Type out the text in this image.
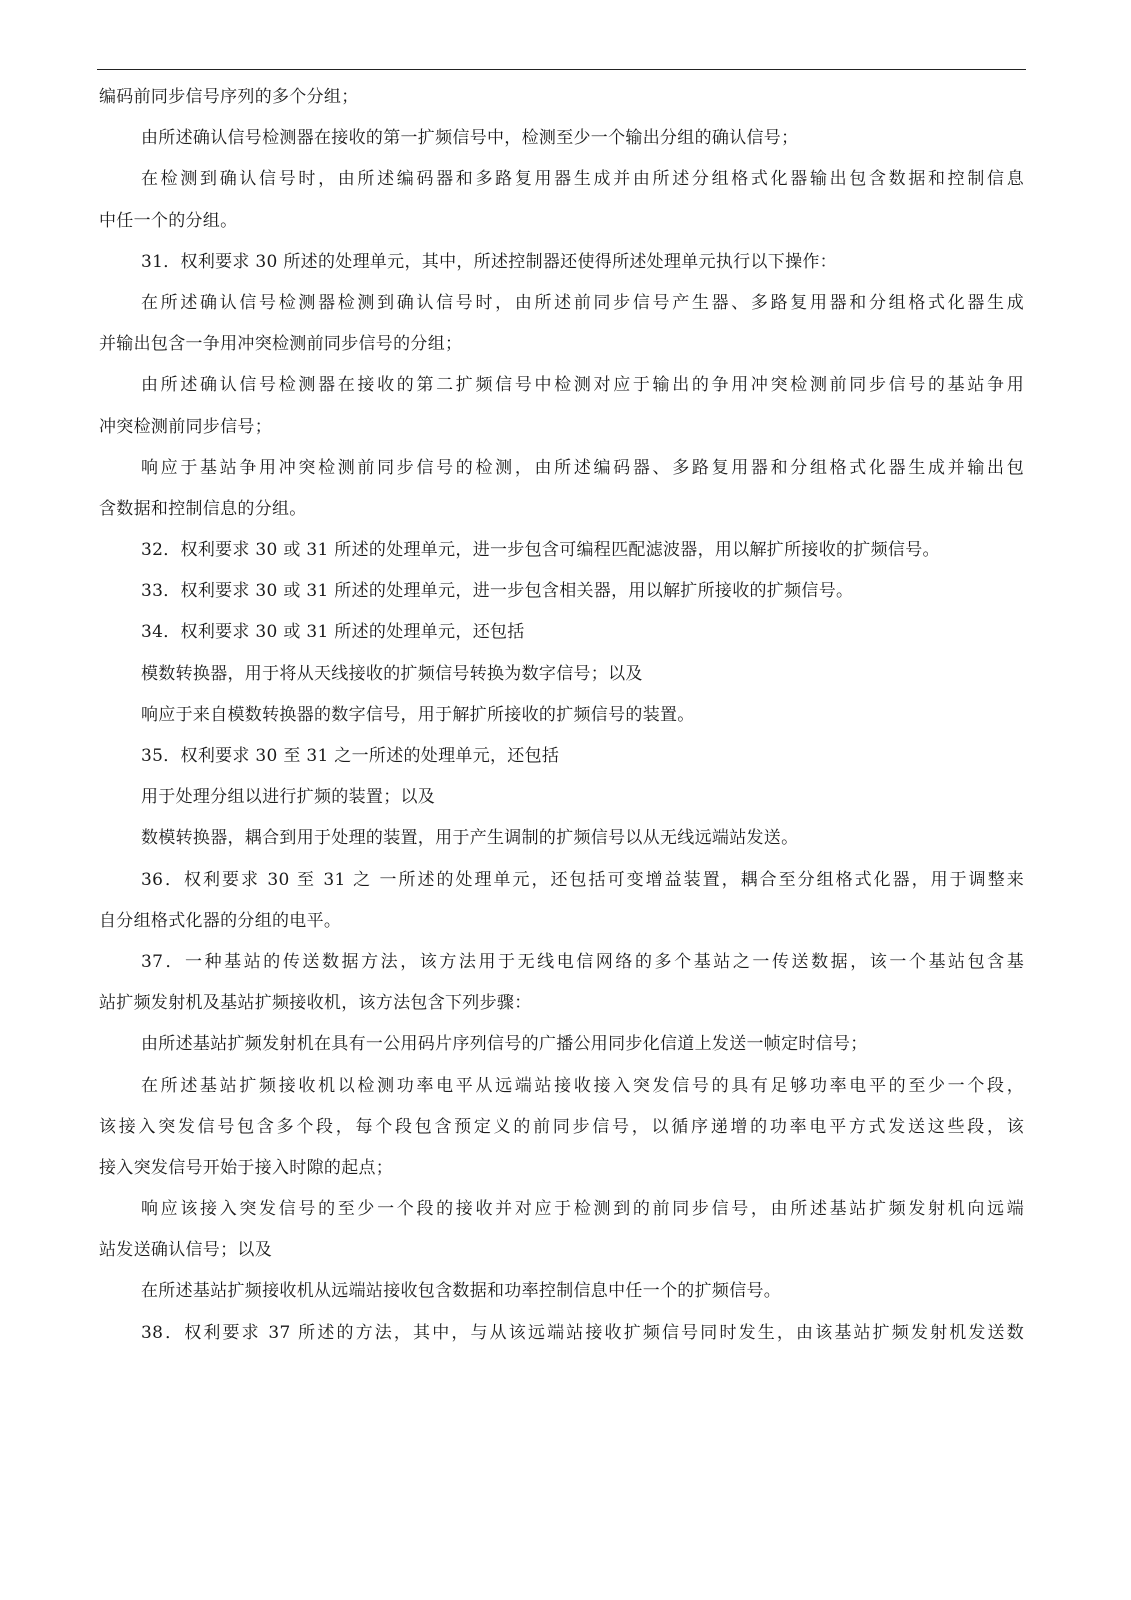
编码前同步信号序列的多个分组；
由所述确认信号检测器在接收的第一扩频信号中，检测至少一个输出分组的确认信号；
在检测到确认信号时，由所述编码器和多路复用器生成并由所述分组格式化器输出包含数据和控制信息
中任一个的分组。
31．权利要求 30 所述的处理单元，其中，所述控制器还使得所述处理单元执行以下操作：
在所述确认信号检测器检测到确认信号时，由所述前同步信号产生器、多路复用器和分组格式化器生成
并输出包含一争用冲突检测前同步信号的分组；
由所述确认信号检测器在接收的第二扩频信号中检测对应于输出的争用冲突检测前同步信号的基站争用
冲突检测前同步信号；
响应于基站争用冲突检测前同步信号的检测，由所述编码器、多路复用器和分组格式化器生成并输出包
含数据和控制信息的分组。
32．权利要求 30 或 31 所述的处理单元，进一步包含可编程匹配滤波器，用以解扩所接收的扩频信号。
33．权利要求 30 或 31 所述的处理单元，进一步包含相关器，用以解扩所接收的扩频信号。
34．权利要求 30 或 31 所述的处理单元，还包括
模数转换器，用于将从天线接收的扩频信号转换为数字信号；以及
响应于来自模数转换器的数字信号，用于解扩所接收的扩频信号的装置。
35．权利要求 30 至 31 之一所述的处理单元，还包括
用于处理分组以进行扩频的装置；以及
数模转换器，耦合到用于处理的装置，用于产生调制的扩频信号以从无线远端站发送。
36．权利要求 30 至 31 之 一所述的处理单元，还包括可变增益装置，耦合至分组格式化器，用于调整来
自分组格式化器的分组的电平。
37．一种基站的传送数据方法，该方法用于无线电信网络的多个基站之一传送数据，该一个基站包含基
站扩频发射机及基站扩频接收机，该方法包含下列步骤：
由所述基站扩频发射机在具有一公用码片序列信号的广播公用同步化信道上发送一帧定时信号；
在所述基站扩频接收机以检测功率电平从远端站接收接入突发信号的具有足够功率电平的至少一个段，
该接入突发信号包含多个段，每个段包含预定义的前同步信号，以循序递增的功率电平方式发送这些段，该
接入突发信号开始于接入时隙的起点；
响应该接入突发信号的至少一个段的接收并对应于检测到的前同步信号，由所述基站扩频发射机向远端
站发送确认信号；以及
在所述基站扩频接收机从远端站接收包含数据和功率控制信息中任一个的扩频信号。
38．权利要求 37 所述的方法，其中，与从该远端站接收扩频信号同时发生，由该基站扩频发射机发送数
